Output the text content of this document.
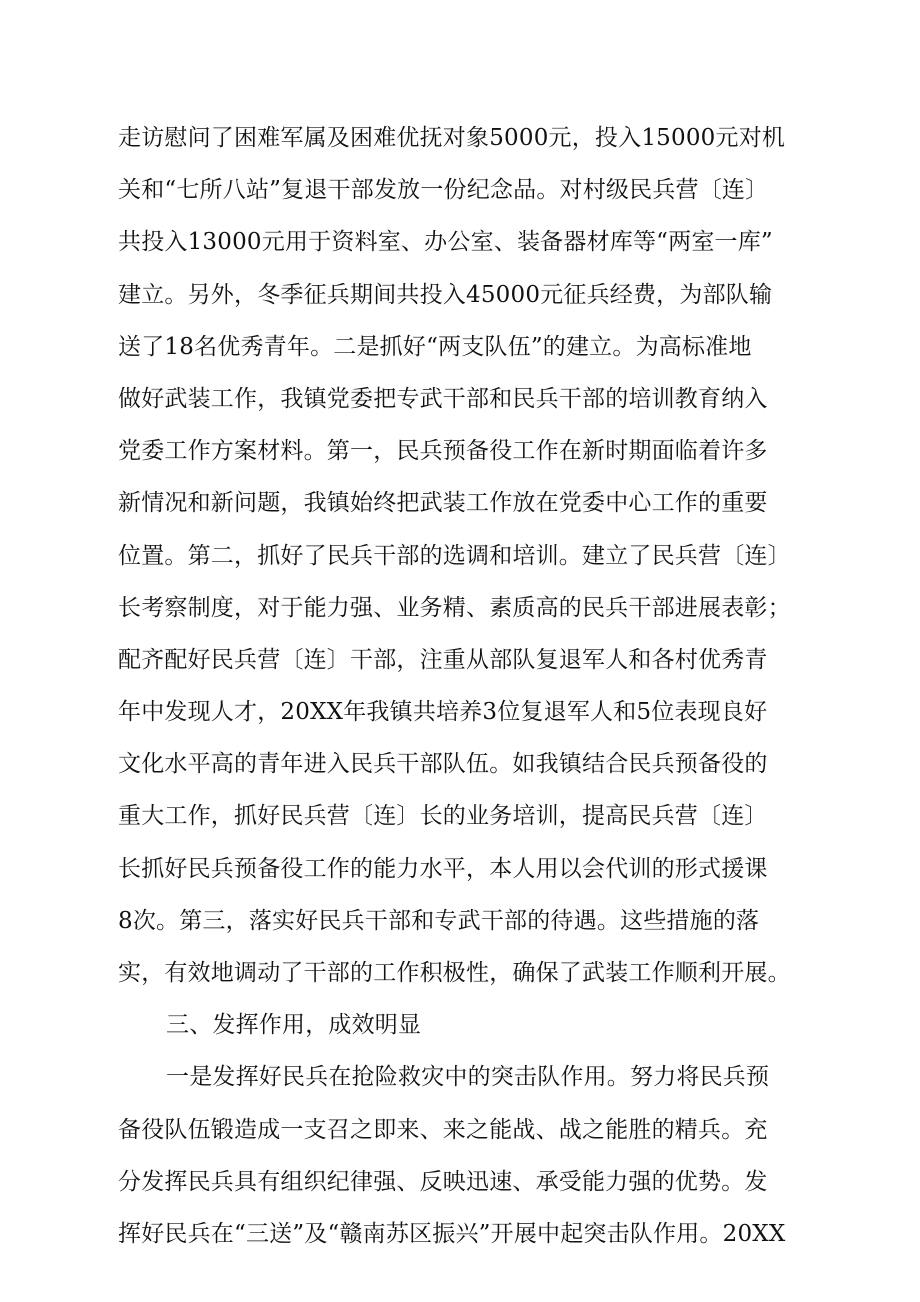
走访慰问了困难军属及困难优抚对象5000元，投入15000元对机
关和“七所八站”复退干部发放一份纪念品。对村级民兵营〔连〕
共投入13000元用于资料室、办公室、装备器材库等“两室一库”
建立。另外，冬季征兵期间共投入45000元征兵经费，为部队输
送了18名优秀青年。二是抓好“两支队伍”的建立。为高标准地
做好武装工作，我镇党委把专武干部和民兵干部的培训教育纳入
党委工作方案材料。第一，民兵预备役工作在新时期面临着许多
新情况和新问题，我镇始终把武装工作放在党委中心工作的重要
位置。第二，抓好了民兵干部的选调和培训。建立了民兵营〔连〕
长考察制度，对于能力强、业务精、素质高的民兵干部进展表彰；
配齐配好民兵营〔连〕干部，注重从部队复退军人和各村优秀青
年中发现人才，20XX年我镇共培养3位复退军人和5位表现良好
文化水平高的青年进入民兵干部队伍。如我镇结合民兵预备役的
重大工作，抓好民兵营〔连〕长的业务培训，提高民兵营〔连〕
长抓好民兵预备役工作的能力水平，本人用以会代训的形式援课
8次。第三，落实好民兵干部和专武干部的待遇。这些措施的落
实，有效地调动了干部的工作积极性，确保了武装工作顺利开展。
三、发挥作用，成效明显
一是发挥好民兵在抢险救灾中的突击队作用。努力将民兵预
备役队伍锻造成一支召之即来、来之能战、战之能胜的精兵。充
分发挥民兵具有组织纪律强、反映迅速、承受能力强的优势。发
挥好民兵在“三送”及“赣南苏区振兴”开展中起突击队作用。20XX
